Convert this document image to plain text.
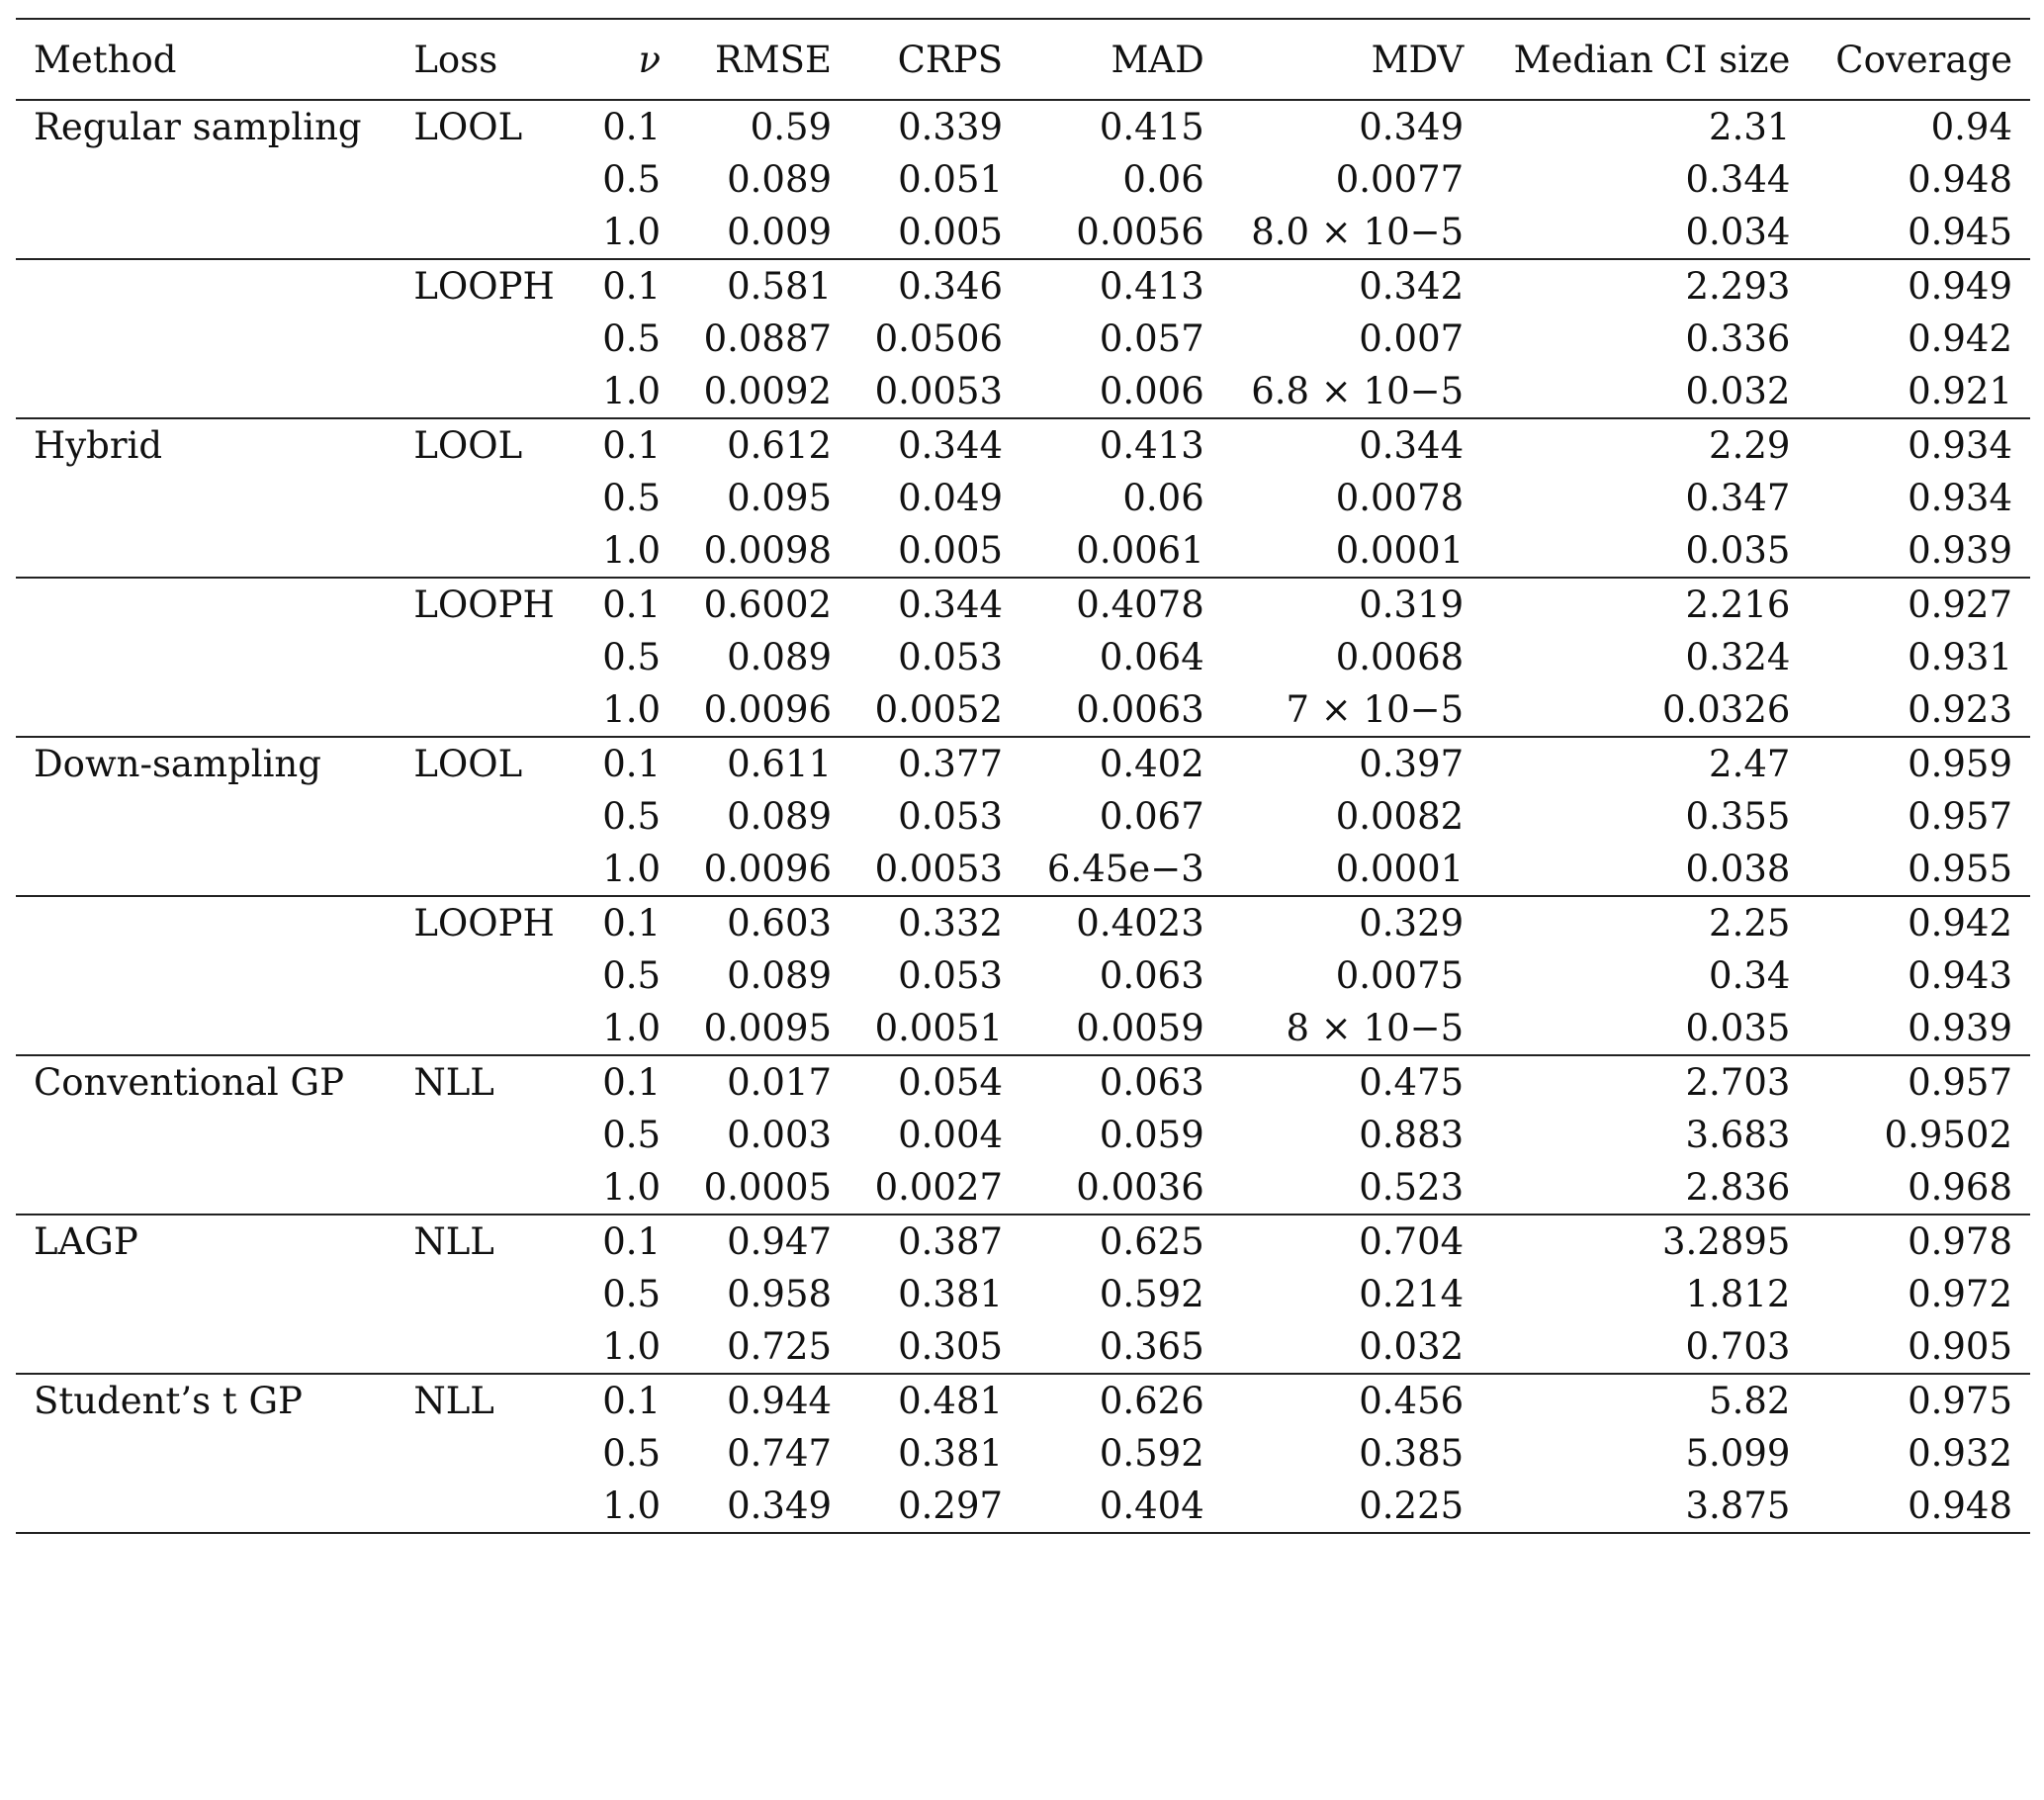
Method	Loss	ν	RMSE	CRPS	MAD	MDV	Median CI size	Coverage
Regular sampling	LOOL	0.1	0.59	0.339	0.415	0.349	2.31	0.94
		0.5	0.089	0.051	0.06	0.0077	0.344	0.948
		1.0	0.009	0.005	0.0056	8.0 × 10−5	0.034	0.945
	LOOPH	0.1	0.581	0.346	0.413	0.342	2.293	0.949
		0.5	0.0887	0.0506	0.057	0.007	0.336	0.942
		1.0	0.0092	0.0053	0.006	6.8 × 10−5	0.032	0.921
Hybrid	LOOL	0.1	0.612	0.344	0.413	0.344	2.29	0.934
		0.5	0.095	0.049	0.06	0.0078	0.347	0.934
		1.0	0.0098	0.005	0.0061	0.0001	0.035	0.939
	LOOPH	0.1	0.6002	0.344	0.4078	0.319	2.216	0.927
		0.5	0.089	0.053	0.064	0.0068	0.324	0.931
		1.0	0.0096	0.0052	0.0063	7 × 10−5	0.0326	0.923
Down-sampling	LOOL	0.1	0.611	0.377	0.402	0.397	2.47	0.959
		0.5	0.089	0.053	0.067	0.0082	0.355	0.957
		1.0	0.0096	0.0053	6.45e−3	0.0001	0.038	0.955
	LOOPH	0.1	0.603	0.332	0.4023	0.329	2.25	0.942
		0.5	0.089	0.053	0.063	0.0075	0.34	0.943
		1.0	0.0095	0.0051	0.0059	8 × 10−5	0.035	0.939
Conventional GP	NLL	0.1	0.017	0.054	0.063	0.475	2.703	0.957
		0.5	0.003	0.004	0.059	0.883	3.683	0.9502
		1.0	0.0005	0.0027	0.0036	0.523	2.836	0.968
LAGP	NLL	0.1	0.947	0.387	0.625	0.704	3.2895	0.978
		0.5	0.958	0.381	0.592	0.214	1.812	0.972
		1.0	0.725	0.305	0.365	0.032	0.703	0.905
Student’s t GP	NLL	0.1	0.944	0.481	0.626	0.456	5.82	0.975
		0.5	0.747	0.381	0.592	0.385	5.099	0.932
		1.0	0.349	0.297	0.404	0.225	3.875	0.948
